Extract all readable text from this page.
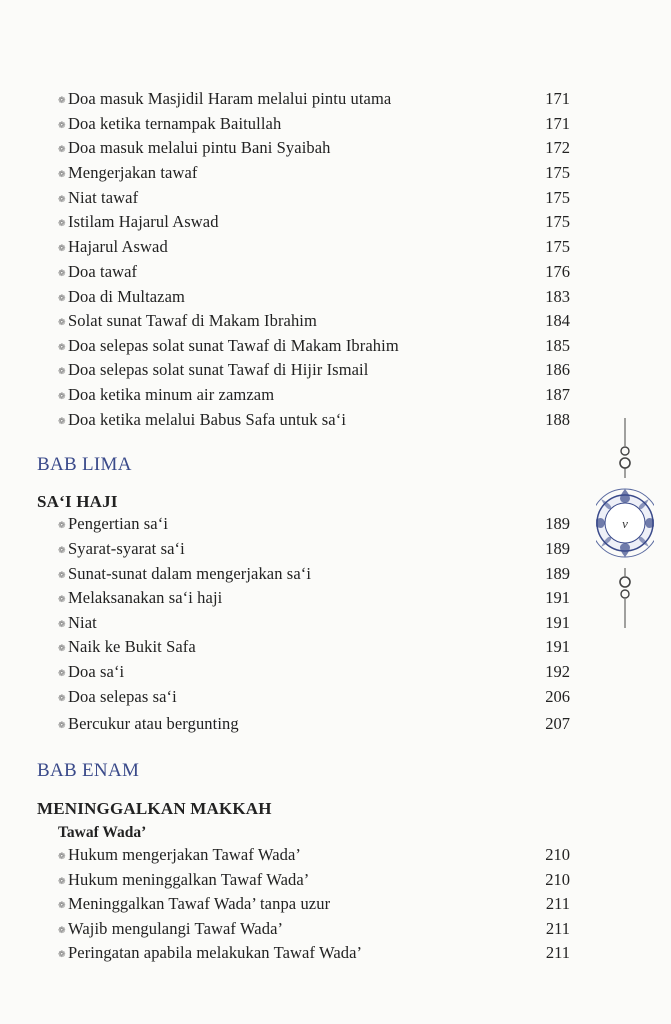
❁ Doa masuk Masjidil Haram melalui pintu utama	171
❁ Doa ketika ternampak Baitullah	171
❁ Doa masuk melalui pintu Bani Syaibah	172
❁ Mengerjakan tawaf	175
❁ Niat tawaf	175
❁ Istilam Hajarul Aswad	175
❁ Hajarul Aswad	175
❁ Doa tawaf	176
❁ Doa di Multazam	183
❁ Solat sunat Tawaf di Makam Ibrahim	184
❁ Doa selepas solat sunat Tawaf di Makam Ibrahim	185
❁ Doa selepas solat sunat Tawaf di Hijir Ismail	186
❁ Doa ketika minum air zamzam	187
❁ Doa ketika melalui Babus Safa untuk sa‘i	188
BAB LIMA
SA‘I HAJI
❁ Pengertian sa‘i	189
❁ Syarat-syarat sa‘i	189
❁ Sunat-sunat dalam mengerjakan sa‘i	189
❁ Melaksanakan sa‘i haji	191
❁ Niat	191
❁ Naik ke Bukit Safa	191
❁ Doa sa‘i	192
❁ Doa selepas sa‘i	206
❁ Bercukur atau bergunting	207
BAB ENAM
MENINGGALKAN MAKKAH
Tawaf Wada’
❁ Hukum mengerjakan Tawaf Wada’	210
❁ Hukum meninggalkan Tawaf Wada’	210
❁ Meninggalkan Tawaf Wada’ tanpa uzur	211
❁ Wajib mengulangi Tawaf Wada’	211
❁ Peringatan apabila melakukan Tawaf Wada’	211
v
